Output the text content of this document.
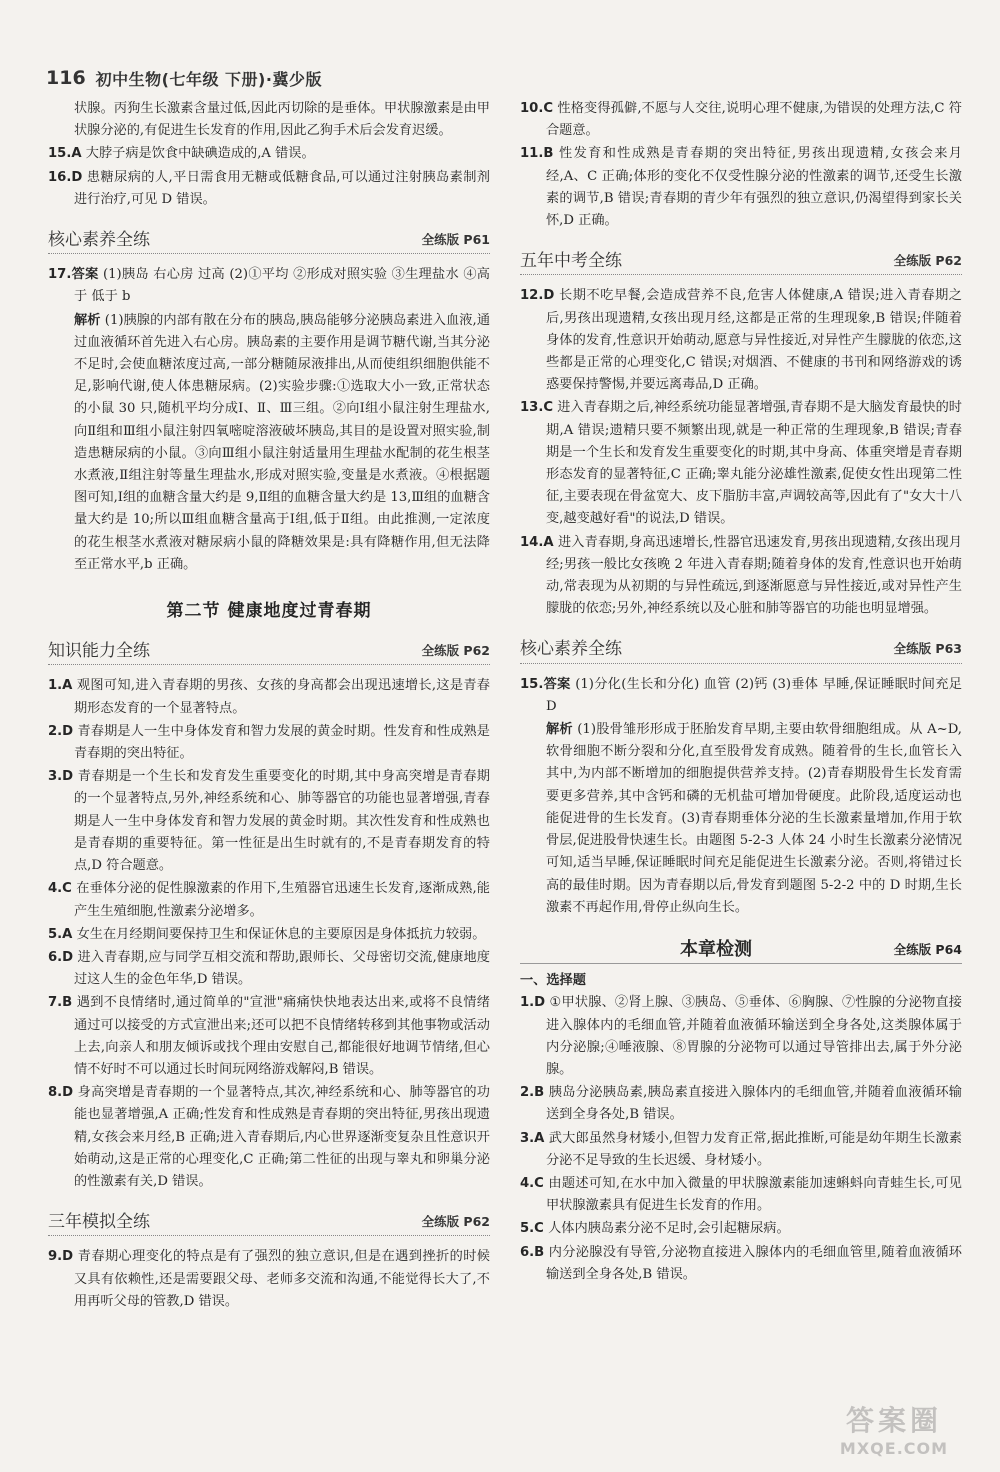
116 初中生物(七年级 下册)·冀少版

状腺。丙狗生长激素含量过低,因此丙切除的是垂体。甲状腺激素是由甲状腺分泌的,有促进生长发育的作用,因此乙狗手术后会发育迟缓。

15.A 大脖子病是饮食中缺碘造成的,A 错误。

16.D 患糖尿病的人,平日需食用无糖或低糖食品,可以通过注射胰岛素制剂进行治疗,可见 D 错误。

核心素养全练	全练版 P61

17.答案 (1)胰岛 右心房 过高 (2)①平均 ②形成对照实验 ③生理盐水 ④高于 低于 b

解析 (1)胰腺的内部有散在分布的胰岛,胰岛能够分泌胰岛素进入血液,通过血液循环首先进入右心房。胰岛素的主要作用是调节糖代谢,当其分泌不足时,会使血糖浓度过高,一部分糖随尿液排出,从而使组织细胞供能不足,影响代谢,使人体患糖尿病。(2)实验步骤:①选取大小一致,正常状态的小鼠 30 只,随机平均分成Ⅰ、Ⅱ、Ⅲ三组。②向Ⅰ组小鼠注射生理盐水,向Ⅱ组和Ⅲ组小鼠注射四氧嘧啶溶液破坏胰岛,其目的是设置对照实验,制造患糖尿病的小鼠。③向Ⅲ组小鼠注射适量用生理盐水配制的花生根茎水煮液,Ⅱ组注射等量生理盐水,形成对照实验,变量是水煮液。④根据题图可知,Ⅰ组的血糖含量大约是 9,Ⅱ组的血糖含量大约是 13,Ⅲ组的血糖含量大约是 10;所以Ⅲ组血糖含量高于Ⅰ组,低于Ⅱ组。由此推测,一定浓度的花生根茎水煮液对糖尿病小鼠的降糖效果是:具有降糖作用,但无法降至正常水平,b 正确。

第二节 健康地度过青春期
知识能力全练	全练版 P62

1.A 观图可知,进入青春期的男孩、女孩的身高都会出现迅速增长,这是青春期形态发育的一个显著特点。

2.D 青春期是人一生中身体发育和智力发展的黄金时期。性发育和性成熟是青春期的突出特征。

3.D 青春期是一个生长和发育发生重要变化的时期,其中身高突增是青春期的一个显著特点,另外,神经系统和心、肺等器官的功能也显著增强,青春期是人一生中身体发育和智力发展的黄金时期。其次性发育和性成熟也是青春期的重要特征。第一性征是出生时就有的,不是青春期发育的特点,D 符合题意。

4.C 在垂体分泌的促性腺激素的作用下,生殖器官迅速生长发育,逐渐成熟,能产生生殖细胞,性激素分泌增多。

5.A 女生在月经期间要保持卫生和保证休息的主要原因是身体抵抗力较弱。

6.D 进入青春期,应与同学互相交流和帮助,跟师长、父母密切交流,健康地度过这人生的金色年华,D 错误。

7.B 遇到不良情绪时,通过简单的"宣泄"痛痛快快地表达出来,或将不良情绪通过可以接受的方式宣泄出来;还可以把不良情绪转移到其他事物或活动上去,向亲人和朋友倾诉或找个理由安慰自己,都能很好地调节情绪,但心情不好时不可以通过长时间玩网络游戏解闷,B 错误。

8.D 身高突增是青春期的一个显著特点,其次,神经系统和心、肺等器官的功能也显著增强,A 正确;性发育和性成熟是青春期的突出特征,男孩出现遗精,女孩会来月经,B 正确;进入青春期后,内心世界逐渐变复杂且性意识开始萌动,这是正常的心理变化,C 正确;第二性征的出现与睾丸和卵巢分泌的性激素有关,D 错误。

三年模拟全练	全练版 P62

9.D 青春期心理变化的特点是有了强烈的独立意识,但是在遇到挫折的时候又具有依赖性,还是需要跟父母、老师多交流和沟通,不能觉得长大了,不用再听父母的管教,D 错误。

10.C 性格变得孤僻,不愿与人交往,说明心理不健康,为错误的处理方法,C 符合题意。

11.B 性发育和性成熟是青春期的突出特征,男孩出现遗精,女孩会来月经,A、C 正确;体形的变化不仅受性腺分泌的性激素的调节,还受生长激素的调节,B 错误;青春期的青少年有强烈的独立意识,仍渴望得到家长关怀,D 正确。

五年中考全练	全练版 P62

12.D 长期不吃早餐,会造成营养不良,危害人体健康,A 错误;进入青春期之后,男孩出现遗精,女孩出现月经,这都是正常的生理现象,B 错误;伴随着身体的发育,性意识开始萌动,愿意与异性接近,对异性产生朦胧的依恋,这些都是正常的心理变化,C 错误;对烟酒、不健康的书刊和网络游戏的诱惑要保持警惕,并要远离毒品,D 正确。

13.C 进入青春期之后,神经系统功能显著增强,青春期不是大脑发育最快的时期,A 错误;遗精只要不频繁出现,就是一种正常的生理现象,B 错误;青春期是一个生长和发育发生重要变化的时期,其中身高、体重突增是青春期形态发育的显著特征,C 正确;睾丸能分泌雄性激素,促使女性出现第二性征,主要表现在骨盆宽大、皮下脂肪丰富,声调较高等,因此有了"女大十八变,越变越好看"的说法,D 错误。

14.A 进入青春期,身高迅速增长,性器官迅速发育,男孩出现遗精,女孩出现月经;男孩一般比女孩晚 2 年进入青春期;随着身体的发育,性意识也开始萌动,常表现为从初期的与异性疏远,到逐渐愿意与异性接近,或对异性产生朦胧的依恋;另外,神经系统以及心脏和肺等器官的功能也明显增强。

核心素养全练	全练版 P63

15.答案 (1)分化(生长和分化) 血管 (2)钙 (3)垂体 早睡,保证睡眠时间充足 D

解析 (1)股骨雏形形成于胚胎发育早期,主要由软骨细胞组成。从 A~D,软骨细胞不断分裂和分化,直至股骨发育成熟。随着骨的生长,血管长入其中,为内部不断增加的细胞提供营养支持。(2)青春期股骨生长发育需要更多营养,其中含钙和磷的无机盐可增加骨硬度。此阶段,适度运动也能促进骨的生长发育。(3)青春期垂体分泌的生长激素量增加,作用于软骨层,促进股骨快速生长。由题图 5-2-3 人体 24 小时生长激素分泌情况可知,适当早睡,保证睡眠时间充足能促进生长激素分泌。否则,将错过长高的最佳时期。因为青春期以后,骨发育到题图 5-2-2 中的 D 时期,生长激素不再起作用,骨停止纵向生长。

本章检测	全练版 P64
一、选择题

1.D ①甲状腺、②肾上腺、③胰岛、⑤垂体、⑥胸腺、⑦性腺的分泌物直接进入腺体内的毛细血管,并随着血液循环输送到全身各处,这类腺体属于内分泌腺;④唾液腺、⑧胃腺的分泌物可以通过导管排出去,属于外分泌腺。

2.B 胰岛分泌胰岛素,胰岛素直接进入腺体内的毛细血管,并随着血液循环输送到全身各处,B 错误。

3.A 武大郎虽然身材矮小,但智力发育正常,据此推断,可能是幼年期生长激素分泌不足导致的生长迟缓、身材矮小。

4.C 由题述可知,在水中加入微量的甲状腺激素能加速蝌蚪向青蛙生长,可见甲状腺激素具有促进生长发育的作用。

5.C 人体内胰岛素分泌不足时,会引起糖尿病。

6.B 内分泌腺没有导管,分泌物直接进入腺体内的毛细血管里,随着血液循环输送到全身各处,B 错误。

答案圈
MXQE.COM
